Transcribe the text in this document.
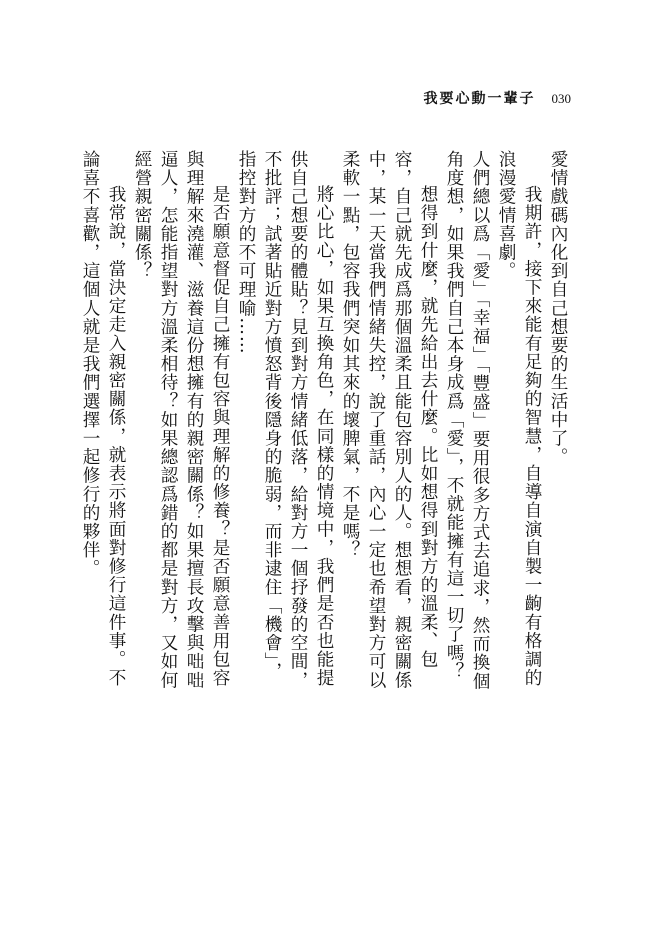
我要心動一輩子 030

愛情戲碼內化到自己想要的生活中了。

我期許，接下來能有足夠的智慧，自導自演自製一齣有格調的浪漫愛情喜劇。

人們總以爲「愛」「幸福」「豐盛」要用很多方式去追求，然而換個角度想，如果我們自己本身成爲「愛」，不就能擁有這一切了嗎？

想得到什麼，就先給出去什麼。比如想得到對方的溫柔、包容，自己就先成爲那個溫柔且能包容別人的人。想想看，親密關係中，某一天當我們情緒失控，說了重話，內心一定也希望對方可以柔軟一點，包容我們突如其來的壞脾氣，不是嗎？

將心比心，如果互換角色，在同樣的情境中，我們是否也能提供自己想要的體貼？見到對方情緒低落，給對方一個抒發的空間，不批評；試著貼近對方憤怒背後隱身的脆弱，而非逮住「機會」，指控對方的不可理喻……

是否願意督促自己擁有包容與理解的修養？是否願意善用包容與理解來澆灌、滋養這份想擁有的親密關係？如果擅長攻擊與咄咄逼人，怎能指望對方溫柔相待？如果總認爲錯的都是對方，又如何經營親密關係？

我常說，當決定走入親密關係，就表示將面對修行這件事。不論喜不喜歡，這個人就是我們選擇一起修行的夥伴。
